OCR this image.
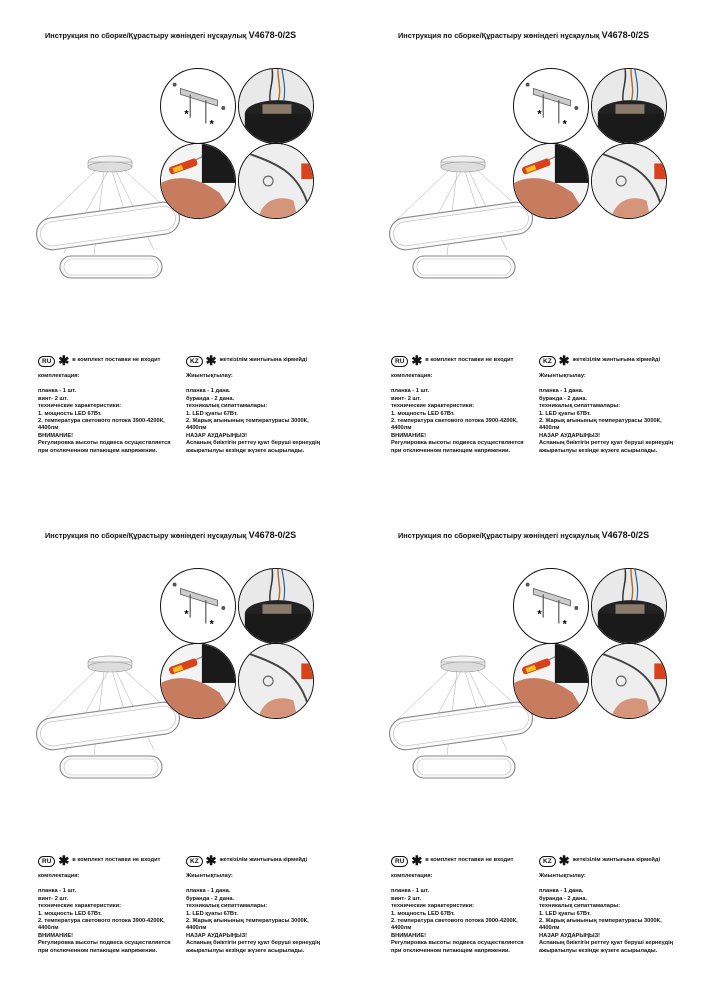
Инструкция по сборке/Құрастыру жөніндегі нұсқаулық V4678-0/2S
*
*
RU ✱ в комплект поставки не входит
комплектация:
планка - 1 шт.
винт- 2 шт.
технические характеристики:
1. мощность LED 67Вт.
2. температура светового потока 3900-4200К,
4400лм
ВНИМАНИЕ!
Регулировка высоты подвеса осуществляется
при отключенном питающем напряжении.
KZ ✱ жеткізілім жинтығына кірмейді
Жиынтықтылау:
планка - 1 дана.
буранда - 2 дана.
техникалық сипаттамалары:
1. LED қуаты 67Вт.
2. Жарық ағынының температурасы 3000К,
4400лм
НАЗАР АУДАРЫҢЫЗ!
Аспаның биіктігін реттеу қуат беруші кернеудің
ажыратылуы кезінде жүзеге асырылады.
Инструкция по сборке/Құрастыру жөніндегі нұсқаулық V4678-0/2S
*
*
RU ✱ в комплект поставки не входит
комплектация:
планка - 1 шт.
винт- 2 шт.
технические характеристики:
1. мощность LED 67Вт.
2. температура светового потока 3900-4200К,
4400лм
ВНИМАНИЕ!
Регулировка высоты подвеса осуществляется
при отключенном питающем напряжении.
KZ ✱ жеткізілім жинтығына кірмейді
Жиынтықтылау:
планка - 1 дана.
буранда - 2 дана.
техникалық сипаттамалары:
1. LED қуаты 67Вт.
2. Жарық ағынының температурасы 3000К,
4400лм
НАЗАР АУДАРЫҢЫЗ!
Аспаның биіктігін реттеу қуат беруші кернеудің
ажыратылуы кезінде жүзеге асырылады.
Инструкция по сборке/Құрастыру жөніндегі нұсқаулық V4678-0/2S
*
*
RU ✱ в комплект поставки не входит
комплектация:
планка - 1 шт.
винт- 2 шт.
технические характеристики:
1. мощность LED 67Вт.
2. температура светового потока 3900-4200К,
4400лм
ВНИМАНИЕ!
Регулировка высоты подвеса осуществляется
при отключенном питающем напряжении.
KZ ✱ жеткізілім жинтығына кірмейді
Жиынтықтылау:
планка - 1 дана.
буранда - 2 дана.
техникалық сипаттамалары:
1. LED қуаты 67Вт.
2. Жарық ағынының температурасы 3000К,
4400лм
НАЗАР АУДАРЫҢЫЗ!
Аспаның биіктігін реттеу қуат беруші кернеудің
ажыратылуы кезінде жүзеге асырылады.
Инструкция по сборке/Құрастыру жөніндегі нұсқаулық V4678-0/2S
*
*
RU ✱ в комплект поставки не входит
комплектация:
планка - 1 шт.
винт- 2 шт.
технические характеристики:
1. мощность LED 67Вт.
2. температура светового потока 3900-4200К,
4400лм
ВНИМАНИЕ!
Регулировка высоты подвеса осуществляется
при отключенном питающем напряжении.
KZ ✱ жеткізілім жинтығына кірмейді
Жиынтықтылау:
планка - 1 дана.
буранда - 2 дана.
техникалық сипаттамалары:
1. LED қуаты 67Вт.
2. Жарық ағынының температурасы 3000К,
4400лм
НАЗАР АУДАРЫҢЫЗ!
Аспаның биіктігін реттеу қуат беруші кернеудің
ажыратылуы кезінде жүзеге асырылады.
